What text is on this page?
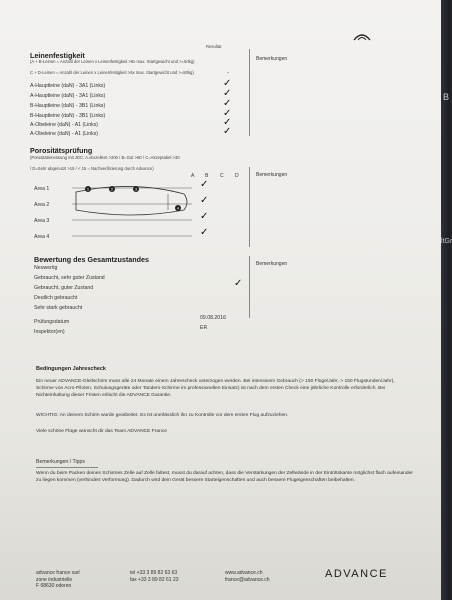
B
ltGr
Leinenfestigkeit
Resultat
Bemerkungen
(A + B-Leinen = Anzahl der Leinen x Leinenfestigkeit >8x max. Startgewicht und >=50kg)
C + D-Leinen = Anzahl der Leinen x Leinenfestigkeit >6x max. Startgewicht und >=80kg)	-
A-Hauptleine (daN) - 3A1 (Links)	✓
A-Hauptleine (daN) - 3A1 (Links)	✓
B-Hauptleine (daN) - 3B1 (Links)	✓
B-Hauptleine (daN) - 3B1 (Links)	✓
A-Obeleine (daN) - A1 (Links)	✓
A-Obeleine (daN) - A1 (Links)	✓
Porositätsprüfung
(Porositätsmessung mit JDC: A=Exzellent >200 / B=Gut >80 / C=Akzeptabel >30
/ D=Sehr abgenutzt >15 / < 15 = Nachverifizierung durch Advance)
A B C D	Bemerkungen
1	2	3
4
Area 1	✓
Area 2	✓
Area 3	✓
Area 4	✓
Bewertung des Gesamtzustandes	Bemerkungen
Neuwertig
Gebraucht, sehr guter Zustand
Gebraucht, guter Zustand	✓
Deutlich gebraucht
Sehr stark gebraucht
Prüfungsdatum
09.08.2016
Inspektor(en)
ER
Bedingungen Jahrescheck
Ein neuer ADVANCE-Gleitschirm muss alle 24 Monate einem Jahrescheck unterzogen werden. Bei intensivem Gebrauch (> 150 Flüge/Jahr, > 150 Flugstunden/Jahr), Schirme von Acro-Piloten, Schulungsgeräte oder Tandem-Schirme im professionellen Einsatz) ist nach dem ersten Check eine jährliche Kontrolle erforderlich. Bei Nichteinhaltung dieser Fristen erlischt die ADVANCE Garantie.
WICHTIG: An deinem Schirm wurde gearbeitet. Es ist unerlässlich ihn zu Kontrolle vor dem ersten Flug aufzuziehen.
Viele schöne Flüge wünscht dir das Team ADVANCE France
Bemerkungen / Tipps
Wenn du beim Packen deines Schirmes Zelle auf Zelle faltest, musst du darauf achten, dass die Verstärkungen der Zellwände in der Eintrittskante möglichst flach aufeinander zu liegen kommen (verhindert Verformung). Dadurch wird dein Gerät bessere Starteigenschaften und auch bessere Flugeigenschaften beibehalten.
advance france sarl
zone industrielle
F 68630 oderen
tel +33 3 89 82 63 63
fax +33 3 89 82 61 23
www.advance.ch
france@advance.ch	ADVANCE
